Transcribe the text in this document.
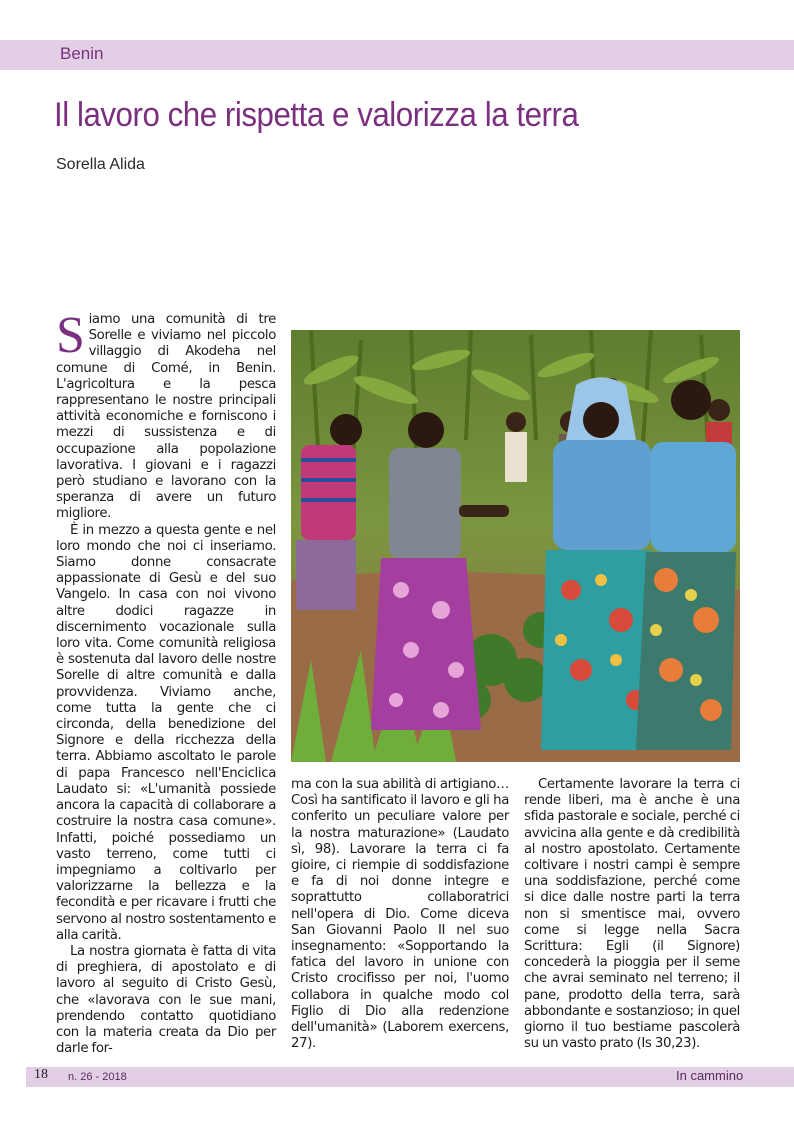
Benin
Il lavoro che rispetta e valorizza la terra
Sorella Alida

Siamo una comunità di tre Sorelle e viviamo nel piccolo villaggio di Akodeha nel comune di Comé, in Benin. L'agricoltura e la pesca rappresentano le nostre principali attività economiche e forniscono i mezzi di sussistenza e di occupazione alla popolazione lavorativa. I giovani e i ragazzi però studiano e lavorano con la speranza di avere un futuro migliore.

È in mezzo a questa gente e nel loro mondo che noi ci inseriamo. Siamo donne consacrate appassionate di Gesù e del suo Vangelo. In casa con noi vivono altre dodici ragazze in discernimento vocazionale sulla loro vita. Come comunità religiosa è sostenuta dal lavoro delle nostre Sorelle di altre comunità e dalla provvidenza. Viviamo anche, come tutta la gente che ci circonda, della benedizione del Signore e della ricchezza della terra. Abbiamo ascoltato le parole di papa Francesco nell'Enciclica Laudato si: «L'umanità possiede ancora la capacità di collaborare a costruire la nostra casa comune». Infatti, poiché possediamo un vasto terreno, come tutti ci impegniamo a coltivarlo per valorizzarne la bellezza e la fecondità e per ricavare i frutti che servono al nostro sostentamento e alla carità.

La nostra giornata è fatta di vita di preghiera, di apostolato e di lavoro al seguito di Cristo Gesù, che «lavorava con le sue mani, prendendo contatto quotidiano con la materia creata da Dio per darle for-

ma con la sua abilità di artigiano… Così ha santificato il lavoro e gli ha conferito un peculiare valore per la nostra maturazione» (Laudato sì, 98). Lavorare la terra ci fa gioire, ci riempie di soddisfazione e fa di noi donne integre e soprattutto collaboratrici nell'opera di Dio. Come diceva San Giovanni Paolo II nel suo insegnamento: «Sopportando la fatica del lavoro in unione con Cristo crocifisso per noi, l'uomo collabora in qualche modo col Figlio di Dio alla redenzione dell'umanità» (Laborem exercens, 27).

Certamente lavorare la terra ci rende liberi, ma è anche è una sfida pastorale e sociale, perché ci avvicina alla gente e dà credibilità al nostro apostolato. Certamente coltivare i nostri campi è sempre una soddisfazione, perché come si dice dalle nostre parti la terra non si smentisce mai, ovvero come si legge nella Sacra Scrittura: Egli (il Signore) concederà la pioggia per il seme che avrai seminato nel terreno; il pane, prodotto della terra, sarà abbondante e sostanzioso; in quel giorno il tuo bestiame pascolerà su un vasto prato (Is 30,23).

18 n. 26 - 2018	In cammino
